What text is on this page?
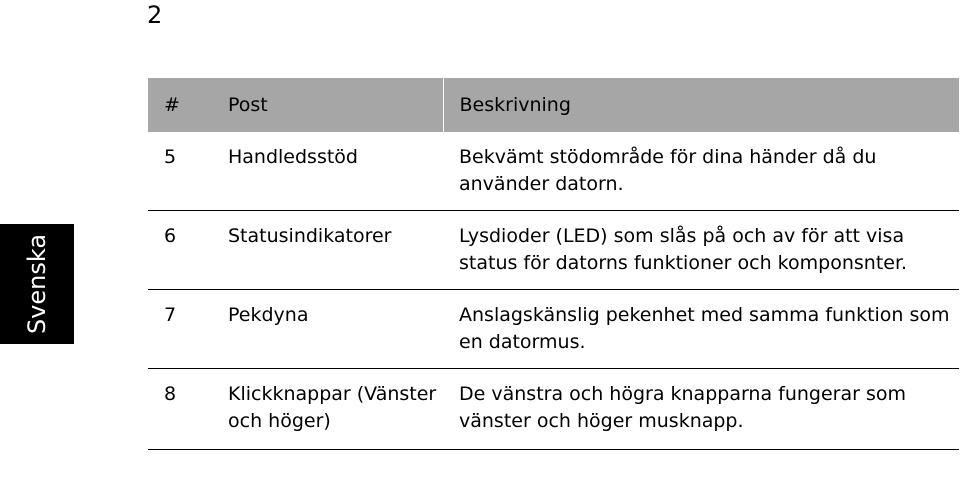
2
Svenska
#	Post	Beskrivning
5	Handledsstöd	Bekvämt stödområde för dina händer då du använder datorn.
6	Statusindikatorer	Lysdioder (LED) som slås på och av för att visa status för datorns funktioner och komponsnter.
7	Pekdyna	Anslagskänslig pekenhet med samma funktion som en datormus.
8	Klickknappar (Vänster och höger)	De vänstra och högra knapparna fungerar som vänster och höger musknapp.
